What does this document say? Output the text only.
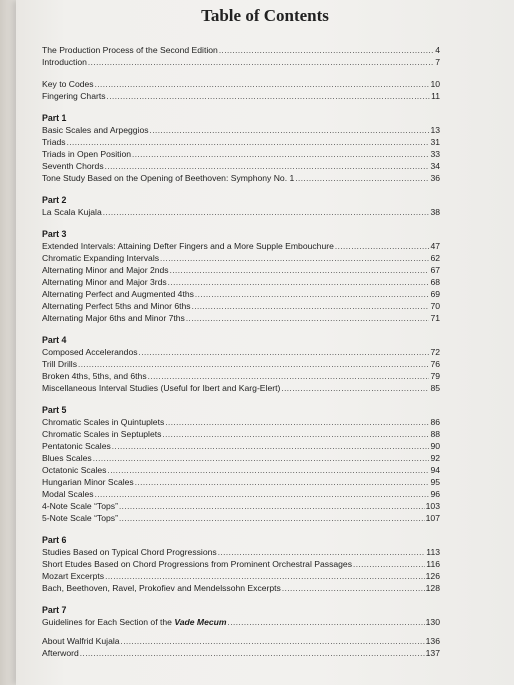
Table of Contents
The Production Process of the Second Edition .....	4
Introduction .....	7
Key to Codes .....	10
Fingering Charts .....	11
Part 1
Basic Scales and Arpeggios .....	13
Triads .....	31
Triads in Open Position .....	33
Seventh Chords .....	34
Tone Study Based on the Opening of Beethoven: Symphony No. 1 .....	36
Part 2
La Scala Kujala .....	38
Part 3
Extended Intervals: Attaining Defter Fingers and a More Supple Embouchure .....	47
Chromatic Expanding Intervals .....	62
Alternating Minor and Major 2nds .....	67
Alternating Minor and Major 3rds .....	68
Alternating Perfect and Augmented 4ths .....	69
Alternating Perfect 5ths and Minor 6ths .....	70
Alternating Major 6ths and Minor 7ths .....	71
Part 4
Composed Accelerandos .....	72
Trill Drills .....	76
Broken 4ths, 5ths, and 6ths .....	79
Miscellaneous Interval Studies (Useful for Ibert and Karg-Elert) .....	85
Part 5
Chromatic Scales in Quintuplets .....	86
Chromatic Scales in Septuplets .....	88
Pentatonic Scales .....	90
Blues Scales .....	92
Octatonic Scales .....	94
Hungarian Minor Scales .....	95
Modal Scales .....	96
4-Note Scale “Tops” .....	103
5-Note Scale “Tops” .....	107
Part 6
Studies Based on Typical Chord Progressions .....	113
Short Etudes Based on Chord Progressions from Prominent Orchestral Passages .....	116
Mozart Excerpts .....	126
Bach, Beethoven, Ravel, Prokofiev and Mendelssohn Excerpts .....	128
Part 7
Guidelines for Each Section of the Vade Mecum .....	130
About Walfrid Kujala .....	136
Afterword .....	137
